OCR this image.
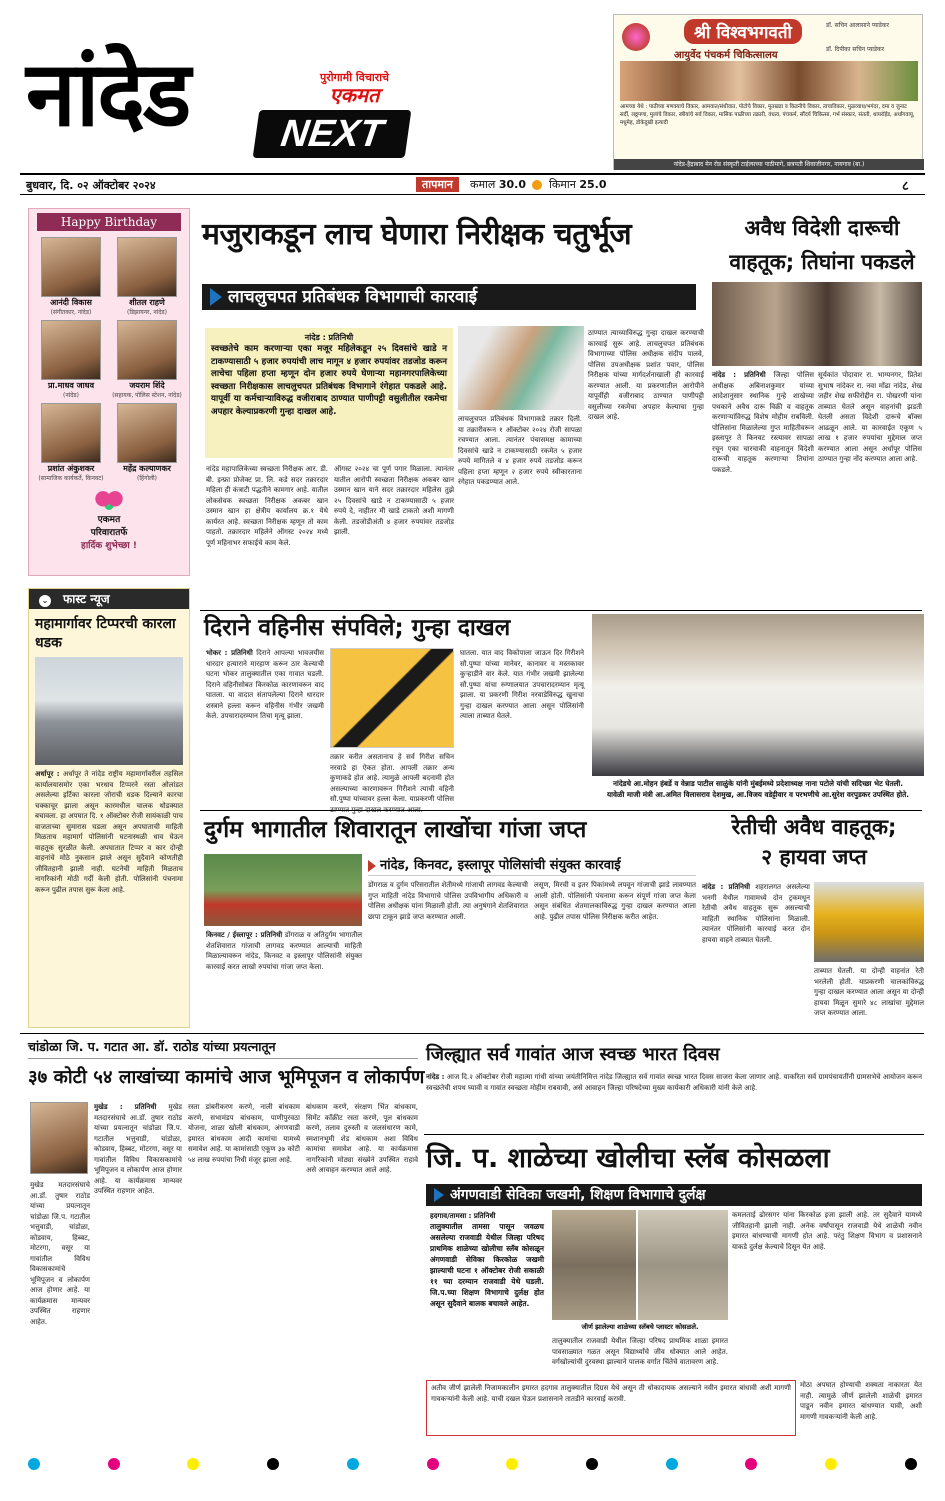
नांदेड	पुरोगामी विचाराचे
एकमत
NEXT
श्री विश्वभगवती
आयुर्वेद पंचकर्म चिकित्सालय
डॉ. सचिन आलासाने प्याडेकर
डॉ. दिपीका सचिन प्याडेकर
आमच्या येथे : पाठीच्या मणक्याचे विकार, आमवात/संधीवात, पोटोचे विकार, मुतखडा व किडनीचे विकार, त्वचाविकार, मुळव्याध/भगंदर, दमा व जुनाट सर्दी, लठ्ठपणा, मुलांचे विकार, स्त्रीयांचे सर्व विकार, मासिक पाळीच्या तक्रारी, वंधत्व, पंचकर्म, सौंदर्य चिकित्सा, गर्भ संस्कार, संतती, थायरॉईड, अर्धांगवायू, मधुमेह, डोकेदुखी इत्यादी
नांदेड-हैद्राबाद मेन रोड संस्कृती टाईल्सच्या पाठीमागे, छत्रपती शिवाजीनगर, नायगाव (बा.)
बुधवार, दि. ०२ ऑक्टोबर २०२४	तापमान	कमाल 30.0 किमान 25.0	८
Happy Birthday
आनंदी विकास
(संगीतकार, नांदेड)
शीतल राहणे
(डिझायनर, नांदेड)
प्रा.माधव जाधव
(नांदेड)
जयराम शिंदे
(सहायक, पोलिस स्टेशन, नांदेड)
प्रशांत अंकुशकर
(सामाजिक कार्यकर्ते, किनवट)
महेंद्र कल्याणकर
(हिंगोली)
एकमत
परिवारातर्फे
हार्दिक शुभेच्छा !
⌄ फास्ट न्यूज
महामार्गावर टिप्परची कारला धडक

अर्धापूर : अर्धापूर ते नांदेड राष्ट्रीय महामार्गावरील तहसिल कार्यालयासमोर एका भरधाव टिप्परने रस्ता ओलांडत असलेल्या इर्टिका कारला जोराची धडक दिल्याने कारचा चक्काचूर झाला असून कारमधील चालक थोडक्यात बचावला. हा अपघात दि. १ ऑक्टोबर रोजी सायंकाळी पाच वाजताच्या सुमारास घडला असून अपघाताची माहिती मिळताच महामार्ग पोलिसांनी घटनास्थळी धाव घेऊन वाहतूक सुरळीत केली. अपघातात टिप्पर व कार दोन्ही वाहनांचे मोठे नुकसान झाले असून सुदैवाने कोणतीही जीवितहानी झाली नाही. घटनेची माहिती मिळताच नागरिकांनी मोठी गर्दी केली होती. पोलिसांनी पंचनामा करून पुढील तपास सुरू केला आहे.

मजुराकडून लाच घेणारा निरीक्षक चतुर्भूज
लाचलुचपत प्रतिबंधक विभागाची कारवाई
नांदेड : प्रतिनिधी
स्वच्छतेचे काम करणाऱ्या एका मजूर महिलेकडून २५ दिवसांचे खाडे न टाकण्यासाठी ५ हजार रुपयांची लाच मागून ४ हजार रुपयांवर तडजोड करून लाचेचा पहिला हप्ता म्हणून दोन हजार रुपये घेणाऱ्या महानगरपालिकेच्या स्वच्छता निरीक्षकास लाचलुचपत प्रतिबंधक विभागाने रंगेहात पकडले आहे. यापूर्वी या कर्मचाऱ्याविरुद्ध वजीराबाद ठाण्यात पाणीपट्टी वसुलीतील रकमेचा अपहार केल्याप्रकरणी गुन्हा दाखल आहे.

लाचलुचपत प्रतिबंधक विभागाकडे तक्रार दिली. या तक्रारीवरून १ ऑक्टोबर २०२४ रोजी सापळा रचण्यात आला. त्यानंतर पंचासमक्ष कामाच्या दिवसांचे खाडे न टाकण्यासाठी रकमेत ५ हजार रुपये मागितले व ४ हजार रुपये तडजोड करून पहिला हप्ता म्हणून २ हजार रुपये स्वीकारताना रंगेहात पकडण्यात आले.

नांदेड महापालिकेच्या स्वच्छता निरीक्षक आर. डी. बी. इन्फ्रा प्रोजेक्ट प्रा. लि. कडे सदर तक्रारदार महिला ही कंत्राटी पद्धतीने कामगार आहे. यातील लोकसेवक स्वच्छता निरीक्षक अकबर खान उस्मान खान हा क्षेत्रीय कार्यालय क्र.१ येथे कार्यरत आहे. स्वच्छता निरीक्षक म्हणून तो काम पाहतो. तक्रारदार महिलेने ऑगस्ट २०२४ मध्ये पूर्ण महिनाभर सफाईचे काम केले.

ऑगस्ट २०२४ चा पूर्ण पगार मिळाला. त्यानंतर यातील आरोपी स्वच्छता निरीक्षक अकबर खान उस्मान खान याने सदर तक्रारदार महिलेस तुझे २५ दिवसांचे खाडे न टाकण्यासाठी ५ हजार रुपये दे, नाहीतर मी खाडे टाकतो अशी मागणी केली. तडजोडीअंती ४ हजार रुपयांवर तडजोड झाली.

ठाण्यात त्याच्याविरुद्ध गुन्हा दाखल करण्याची कारवाई सुरू आहे. लाचलुचपत प्रतिबंधक विभागाच्या पोलिस अधीक्षक संदीप पालवे, पोलिस उपअधीक्षक प्रशांत पवार, पोलिस निरीक्षक यांच्या मार्गदर्शनाखाली ही कारवाई करण्यात आली. या प्रकरणातील आरोपीने यापूर्वीही वजीराबाद ठाण्यात पाणीपट्टी वसुलीच्या रकमेचा अपहार केल्याचा गुन्हा दाखल आहे.

अवैध विदेशी दारूची
वाहतूक; तिघांना पकडले

नांदेड : प्रतिनिधी जिल्हा पोलिस अधीक्षक अबिनाशकुमार यांच्या आदेशानुसार स्थानिक गुन्हे शाखेच्या पथकाने अवैध दारू विक्री व वाहतूक करणाऱ्यांविरुद्ध विशेष मोहीम राबविली. पोलिसांना मिळालेल्या गुप्त माहितीवरून इस्लापूर ते किनवट रस्त्यावर सापळा रचून एका चारचाकी वाहनातून विदेशी दारूची वाहतूक करणाऱ्या तिघांना पकडले.

सूर्यकांत पोदावार रा. भाग्यनगर, प्रितेश सुभाष नांदेकर रा. नवा मोंढा नांदेड, शेख जहीर शेख सफीरोद्दीन रा. पोखरणी यांना ताब्यात घेतले असून वाहनांची झडती घेतली असता विदेशी दारूचे बॉक्स आढळून आले. या कारवाईत एकूण ५ लाख १ हजार रुपयांचा मुद्देमाल जप्त करण्यात आला असून अर्धापूर पोलिस ठाण्यात गुन्हा नोंद करण्यात आला आहे.

दिराने वहिनीस संपविले; गुन्हा दाखल

भोकर : प्रतिनिधी दिराने आपल्या भावजयीस धारदार हत्याराने मारहाण करून ठार केल्याची घटना भोकर तालुक्यातील एका गावात घडली. दिराने वहिनीसोबत किरकोळ कारणावरून वाद घातला. या वादात संतापलेल्या दिराने धारदार शस्त्राने हल्ला करून वहिनीस गंभीर जखमी केले. उपचारादरम्यान तिचा मृत्यू झाला.

तक्रार करीत असतानाच हे सर्व गिरीश सचिन नरवाडे हा ऐकत होता. आपली तक्रार अन्य कुणाकडे होत आहे. त्यामुळे आपली बदनामी होत असल्याच्या कारणावरून गिरीशने त्याची वहिनी सौ.पुष्पा यांच्यावर हल्ला केला. याप्रकरणी पोलिस

घातला. यात वाद विकोपाला जाऊन दिर गिरीशने सौ.पुष्पा यांच्या मानेवर, कानावर व मस्तकावर कुऱ्हाडीने वार केले. यात गंभीर जखमी झालेल्या सौ.पुष्पा यांचा रुग्णालयात उपचारादरम्यान मृत्यू झाला. या प्रकरणी गिरीश नरवाडेविरुद्ध खुनाचा गुन्हा दाखल करण्यात आला असून पोलिसांनी त्याला ताब्यात घेतले.

नांदेडचे आ.मोहन हंबर्डे व वेन्नाड पाटील साळुंके यांनी मुंबईमध्ये प्रदेशाध्यक्ष नाना पटोले यांची सदिच्छा भेट घेतली.
यावेळी माजी मंत्री आ.अमित विलासराव देशमुख, आ.विजय वडेट्टीवार व परभणीचे आ.सुरेश वरपुडकर उपस्थित होते.
दुर्गम भागातील शिवारातून लाखोंचा गांजा जप्त
नांदेड, किनवट, इस्लापूर पोलिसांची संयुक्त कारवाई

किनवट / ईस्लापूर : प्रतिनिधी डोंगराळ व अतिदुर्गम भागातील शेतशिवारात गांजाची लागवड करण्यात आल्याची माहिती मिळाल्यावरून नांदेड, किनवट व इस्लापूर पोलिसांनी संयुक्त कारवाई करत लाखो रुपयांचा गांजा जप्त केला.

डोंगराळ व दुर्गम परिसरातील शेतीमध्ये गांजाची लागवड केल्याची गुप्त माहिती नांदेड विभागाचे पोलिस उपविभागीय अधिकारी व पोलिस अधीक्षक यांना मिळाली होती. त्या अनुषंगाने शेतशिवारात छापा टाकून झाडे जप्त करण्यात आली.

लसूण, मिरची व इतर पिकांमध्ये लपवून गांजाची झाडे लावण्यात आली होती. पोलिसांनी पंचनामा करून संपूर्ण गांजा जप्त केला असून संबंधित शेतमालकाविरुद्ध गुन्हा दाखल करण्यात आला आहे. पुढील तपास पोलिस निरीक्षक करीत आहेत.

रेतीची अवैध वाहतूक;
२ हायवा जप्त

नांदेड : प्रतिनिधी शहरालगत असलेल्या भनगी येथील गावामध्ये दोन ट्रकमधून रेतीची अवैध वाहतूक सुरू असल्याची माहिती स्थानिक पोलिसांना मिळाली. त्यानंतर पोलिसांनी कारवाई करत दोन हायवा वाहने ताब्यात घेतली.

ताब्यात घेतली. या दोन्ही वाहनांत रेती भरलेली होती. याप्रकरणी चालकांविरुद्ध गुन्हा दाखल करण्यात आला असून या दोन्ही हायवा मिळून सुमारे ४८ लाखांचा मुद्देमाल जप्त करण्यात आला.

चांडोळा जि. प. गटात आ. डॉ. राठोड यांच्या प्रयत्नातून
३७ कोटी ५४ लाखांच्या कामांचे आज भूमिपूजन व लोकार्पण

मुखेड : प्रतिनिधी मुखेड मतदारसंघाचे आ.डॉ. तुषार राठोड यांच्या प्रयत्नातून चांडोळा जि.प. गटातील भत्तुवाडी, चांडोळा, कोडवाय, हिब्बट, मोटरगा, वसूर या गावांतील विविध विकासकामांचे भूमिपूजन व लोकार्पण आज होणार आहे. या कार्यक्रमास मान्यवर उपस्थित राहणार आहेत.

मुखेड मतदारसंघाचे आ.डॉ. तुषार राठोड यांच्या प्रयत्नातून चांडोळा जि.प. गटातील भत्तुवाडी, चांडोळा, कोडवाय, हिब्बट, मोटरगा, वसूर या गावांतील विविध विकासकामांचे भूमिपूजन व लोकार्पण आज होणार आहे. या कार्यक्रमास मान्यवर उपस्थित राहणार आहेत.

रस्ता डांबरीकरण करणे, नाली बांधकाम करणे, सभामंडप बांधकाम, पाणीपुरवठा योजना, शाळा खोली बांधकाम, अंगणवाडी इमारत बांधकाम आदी कामांचा यामध्ये समावेश आहे. या कामांसाठी एकूण ३७ कोटी ५४ लाख रुपयांचा निधी मंजूर झाला आहे.

बांधकाम करणे, संरक्षण भिंत बांधकाम, सिमेंट काँक्रीट रस्ता करणे, पूल बांधकाम करणे, तलाव दुरुस्ती व जलसंधारण कामे, स्मशानभूमी शेड बांधकाम अशा विविध कामांचा समावेश आहे. या कार्यक्रमास नागरिकांनी मोठ्या संख्येने उपस्थित राहावे असे आवाहन करण्यात आले आहे.

जिल्ह्यात सर्व गावांत आज स्वच्छ भारत दिवस

नांदेड : आज दि.२ ऑक्टोबर रोजी महात्मा गांधी यांच्या जयंतीनिमित्त नांदेड जिल्ह्यात सर्व गावांत स्वच्छ भारत दिवस साजरा केला जाणार आहे. याकरिता सर्व ग्रामपंचायतींनी ग्रामसभेचे आयोजन करून स्वच्छतेची शपथ घ्यावी व गावांत स्वच्छता मोहीम राबवावी, असे आवाहन जिल्हा परिषदेच्या मुख्य कार्यकारी अधिकारी यांनी केले आहे.

जि. प. शाळेच्या खोलीचा स्लॅब कोसळला
अंगणवाडी सेविका जखमी, शिक्षण विभागाचे दुर्लक्ष
हदगाव/तामसा : प्रतिनिधी
तालुक्यातील तामसा पासून जवळच असलेल्या राजवाडी येथील जिल्हा परिषद प्राथमिक शाळेच्या खोलीचा स्लॅब कोसळून अंगणवाडी सेविका किरकोळ जखमी झाल्याची घटना १ ऑक्टोबर रोजी सकाळी ११ च्या दरम्यान राजवाडी येथे घडली. जि.प.च्या शिक्षण विभागाचे दुर्लक्ष होत असून सुदैवाने बालक बचावले आहेत.
जीर्ण झालेल्या शाळेच्या स्लॅबचे प्लास्टर कोसळले.

तालुक्यातील राजवाडी येथील जिल्हा परिषद प्राथमिक शाळा इमारत पावसाळ्यात गळत असून विद्यार्थ्यांचे जीव धोक्यात आले आहेत. वर्गखोल्यांची दुरवस्था झाल्याने पालक वर्गात चिंतेचे वातावरण आहे.

कमलताई ढोरसगर यांना किरकोळ इजा झाली आहे. तर सुदैवाने यामध्ये जीवितहानी झाली नाही. अनेक वर्षांपासून राजवाडी येथे शाळेची नवीन इमारत बांधण्याची मागणी होत आहे. परंतु शिक्षण विभाग व प्रशासनाने याकडे दुर्लक्ष केल्याचे दिसून येत आहे.

अतीव जीर्ण झालेली निजामकालीन इमारत हदगाव तालुक्यातील दिग्रस येथे असून ती धोकादायक असल्याने नवीन इमारत बांधावी अशी मागणी गावकऱ्यांनी केली आहे. याची दखल घेऊन प्रशासनाने तातडीने कारवाई करावी.

मोठा अपघात होण्याची शक्यता नाकारता येत नाही. त्यामुळे जीर्ण झालेली शाळेची इमारत पाडून नवीन इमारत बांधण्यात यावी, अशी मागणी गावकऱ्यांनी केली आहे.
